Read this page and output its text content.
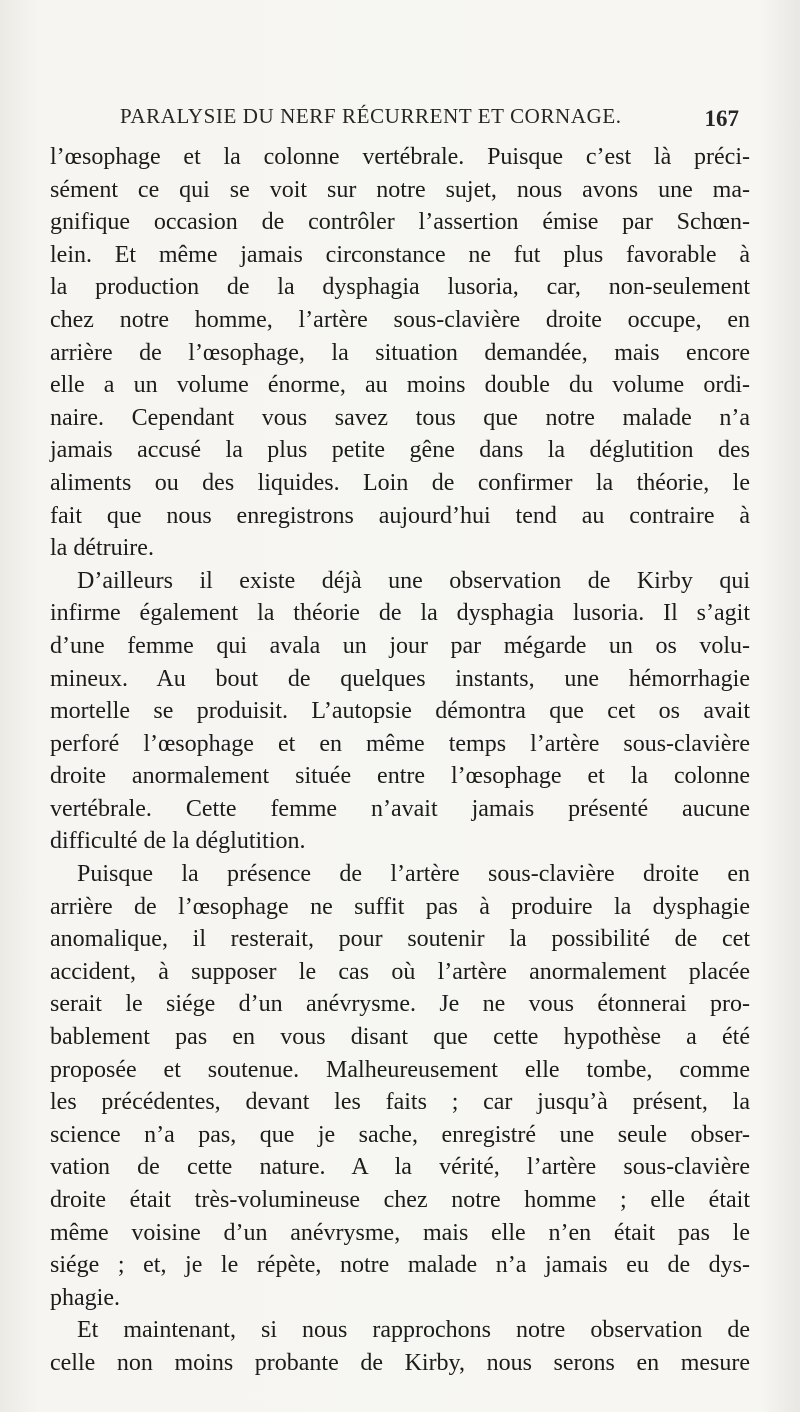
PARALYSIE DU NERF RÉCURRENT ET CORNAGE.	167
l’œsophage et la colonne vertébrale. Puisque c’est là préci-
sément ce qui se voit sur notre sujet, nous avons une ma-
gnifique occasion de contrôler l’assertion émise par Schœn-
lein. Et même jamais circonstance ne fut plus favorable à
la production de la dysphagia lusoria, car, non-seulement
chez notre homme, l’artère sous-clavière droite occupe, en
arrière de l’œsophage, la situation demandée, mais encore
elle a un volume énorme, au moins double du volume ordi-
naire. Cependant vous savez tous que notre malade n’a
jamais accusé la plus petite gêne dans la déglutition des
aliments ou des liquides. Loin de confirmer la théorie, le
fait que nous enregistrons aujourd’hui tend au contraire à
la détruire.
D’ailleurs il existe déjà une observation de Kirby qui
infirme également la théorie de la dysphagia lusoria. Il s’agit
d’une femme qui avala un jour par mégarde un os volu-
mineux. Au bout de quelques instants, une hémorrhagie
mortelle se produisit. L’autopsie démontra que cet os avait
perforé l’œsophage et en même temps l’artère sous-clavière
droite anormalement située entre l’œsophage et la colonne
vertébrale. Cette femme n’avait jamais présenté aucune
difficulté de la déglutition.
Puisque la présence de l’artère sous-clavière droite en
arrière de l’œsophage ne suffit pas à produire la dysphagie
anomalique, il resterait, pour soutenir la possibilité de cet
accident, à supposer le cas où l’artère anormalement placée
serait le siége d’un anévrysme. Je ne vous étonnerai pro-
bablement pas en vous disant que cette hypothèse a été
proposée et soutenue. Malheureusement elle tombe, comme
les précédentes, devant les faits ; car jusqu’à présent, la
science n’a pas, que je sache, enregistré une seule obser-
vation de cette nature. A la vérité, l’artère sous-clavière
droite était très-volumineuse chez notre homme ; elle était
même voisine d’un anévrysme, mais elle n’en était pas le
siége ; et, je le répète, notre malade n’a jamais eu de dys-
phagie.
Et maintenant, si nous rapprochons notre observation de
celle non moins probante de Kirby, nous serons en mesure
